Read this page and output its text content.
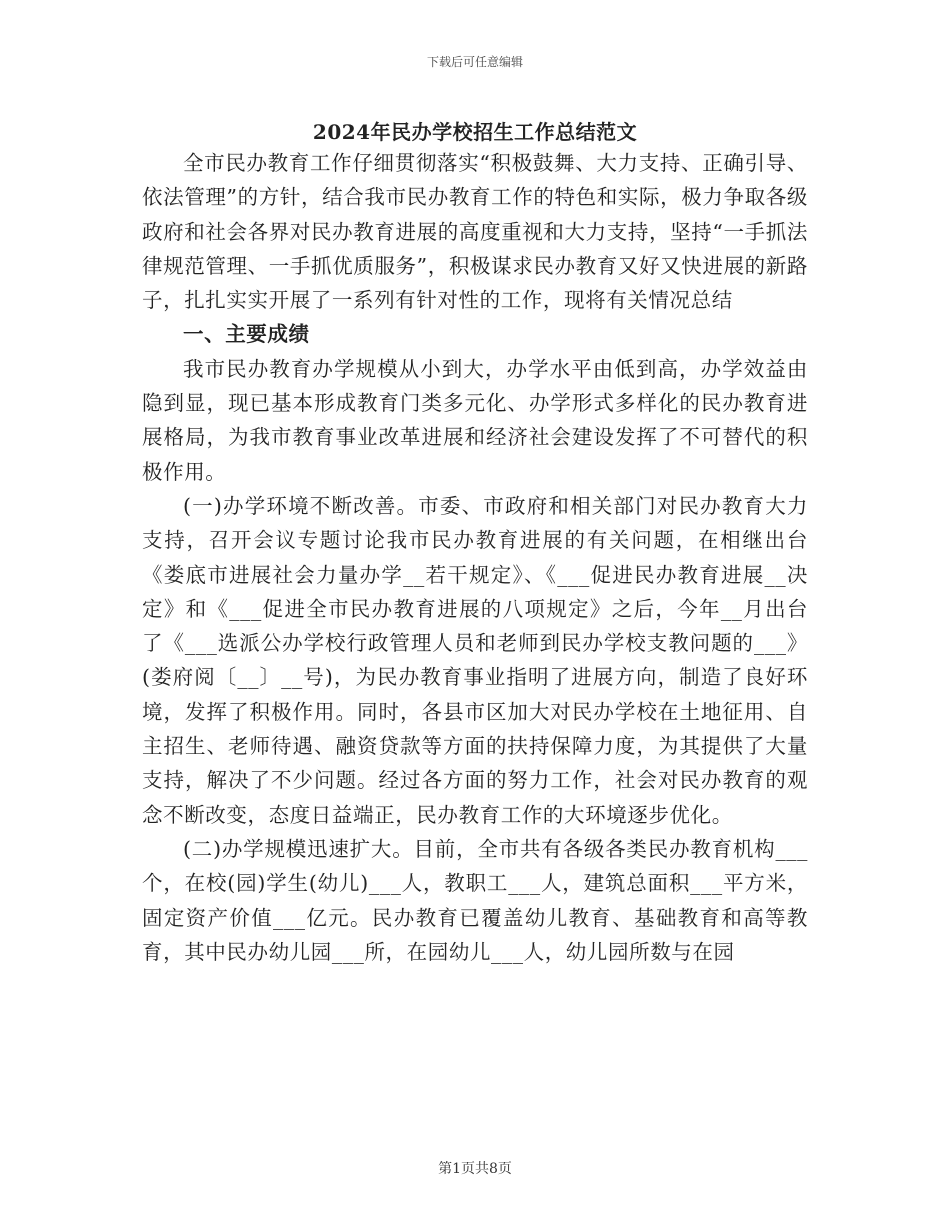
下载后可任意编辑
2024年民办学校招生工作总结范文

全市民办教育工作仔细贯彻落实“积极鼓舞、大力支持、正确引导、依法管理”的方针，结合我市民办教育工作的特色和实际，极力争取各级政府和社会各界对民办教育进展的高度重视和大力支持，坚持“一手抓法律规范管理、一手抓优质服务”，积极谋求民办教育又好又快进展的新路子，扎扎实实开展了一系列有针对性的工作，现将有关情况总结

一、主要成绩

我市民办教育办学规模从小到大，办学水平由低到高，办学效益由隐到显，现已基本形成教育门类多元化、办学形式多样化的民办教育进展格局，为我市教育事业改革进展和经济社会建设发挥了不可替代的积极作用。

(一)办学环境不断改善。市委、市政府和相关部门对民办教育大力支持，召开会议专题讨论我市民办教育进展的有关问题，在相继出台《娄底市进展社会力量办学__若干规定》、《___促进民办教育进展__决定》和《___促进全市民办教育进展的八项规定》之后，今年__月出台了《___选派公办学校行政管理人员和老师到民办学校支教问题的___》(娄府阅〔__〕__号)，为民办教育事业指明了进展方向，制造了良好环境，发挥了积极作用。同时，各县市区加大对民办学校在土地征用、自主招生、老师待遇、融资贷款等方面的扶持保障力度，为其提供了大量支持，解决了不少问题。经过各方面的努力工作，社会对民办教育的观念不断改变，态度日益端正，民办教育工作的大环境逐步优化。

(二)办学规模迅速扩大。目前，全市共有各级各类民办教育机构___个，在校(园)学生(幼儿)___人，教职工___人，建筑总面积___平方米，固定资产价值___亿元。民办教育已覆盖幼儿教育、基础教育和高等教育，其中民办幼儿园___所，在园幼儿___人，幼儿园所数与在园

第1页共8页
